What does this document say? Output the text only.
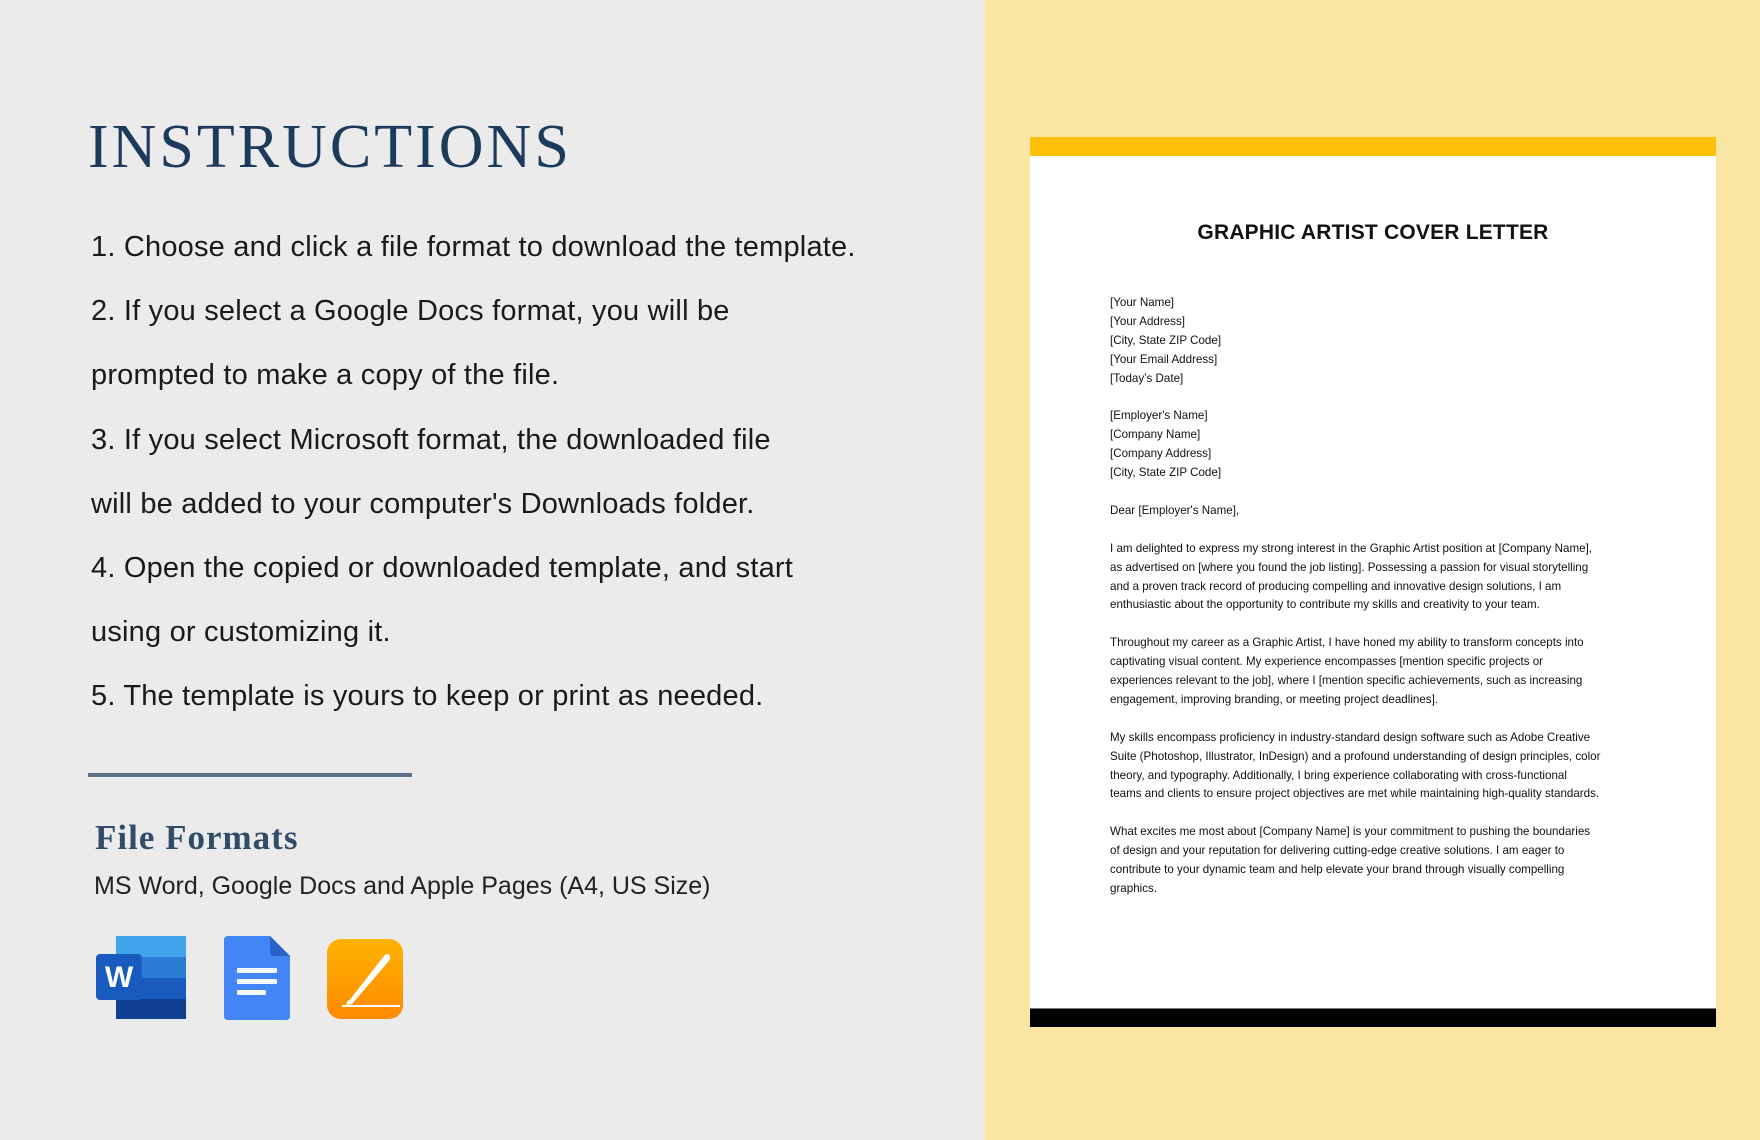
INSTRUCTIONS
1. Choose and click a file format to download the template.
2. If you select a Google Docs format, you will be
prompted to make a copy of the file.
3. If you select Microsoft format, the downloaded file
will be added to your computer's Downloads folder.
4. Open the copied or downloaded template, and start
using or customizing it.
5. The template is yours to keep or print as needed.
File Formats
MS Word, Google Docs and Apple Pages (A4, US Size)
W
GRAPHIC ARTIST COVER LETTER
[Your Name]
[Your Address]
[City, State ZIP Code]
[Your Email Address]
[Today’s Date]
[Employer's Name]
[Company Name]
[Company Address]
[City, State ZIP Code]
Dear [Employer's Name],
I am delighted to express my strong interest in the Graphic Artist position at [Company Name],
as advertised on [where you found the job listing]. Possessing a passion for visual storytelling
and a proven track record of producing compelling and innovative design solutions, I am
enthusiastic about the opportunity to contribute my skills and creativity to your team.
Throughout my career as a Graphic Artist, I have honed my ability to transform concepts into
captivating visual content. My experience encompasses [mention specific projects or
experiences relevant to the job], where I [mention specific achievements, such as increasing
engagement, improving branding, or meeting project deadlines].
My skills encompass proficiency in industry-standard design software such as Adobe Creative
Suite (Photoshop, Illustrator, InDesign) and a profound understanding of design principles, color
theory, and typography. Additionally, I bring experience collaborating with cross-functional
teams and clients to ensure project objectives are met while maintaining high-quality standards.
What excites me most about [Company Name] is your commitment to pushing the boundaries
of design and your reputation for delivering cutting-edge creative solutions. I am eager to
contribute to your dynamic team and help elevate your brand through visually compelling
graphics.
